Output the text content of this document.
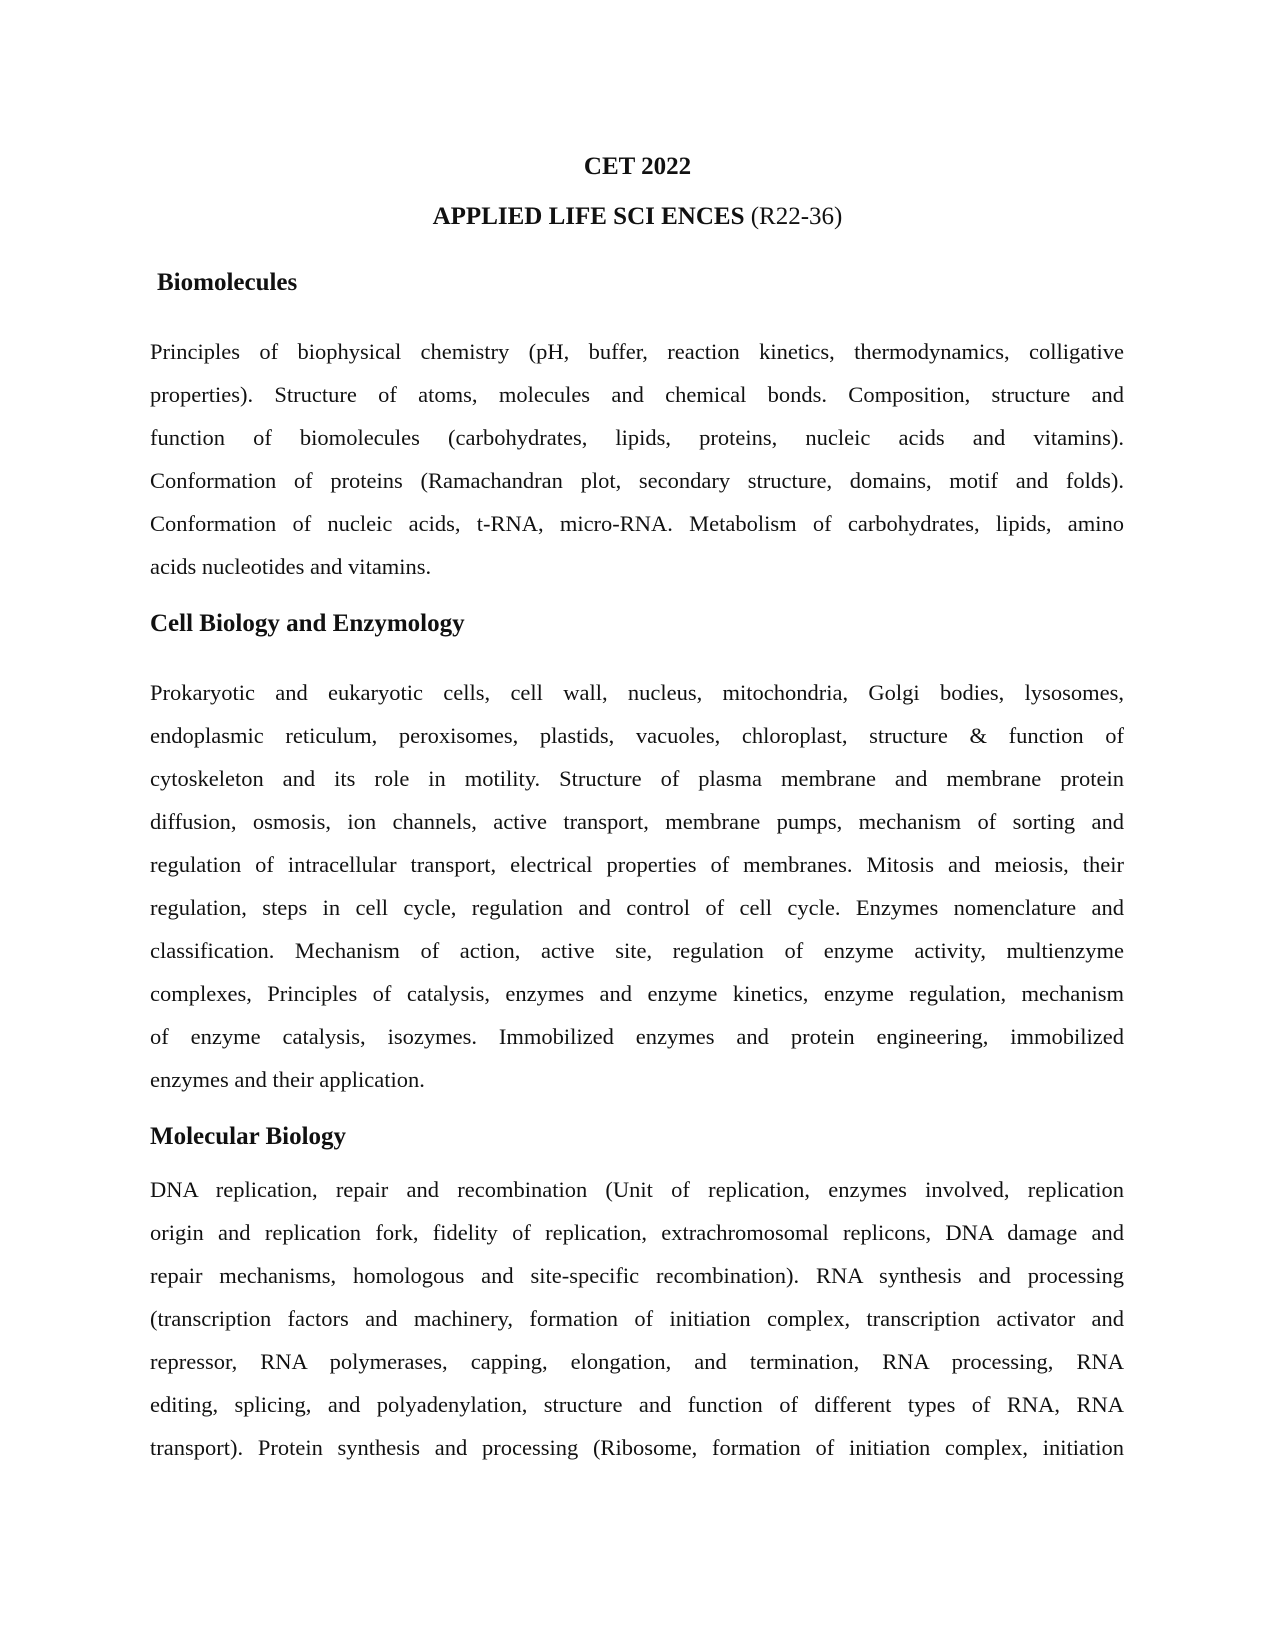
CET 2022
APPLIED LIFE SCI ENCES (R22-36)
Biomolecules
Principles of biophysical chemistry (pH, buffer, reaction kinetics, thermodynamics, colligative
properties). Structure of atoms, molecules and chemical bonds. Composition, structure and
function of biomolecules (carbohydrates, lipids, proteins, nucleic acids and vitamins).
Conformation of proteins (Ramachandran plot, secondary structure, domains, motif and folds).
Conformation of nucleic acids, t-RNA, micro-RNA. Metabolism of carbohydrates, lipids, amino
acids nucleotides and vitamins.
Cell Biology and Enzymology
Prokaryotic and eukaryotic cells, cell wall, nucleus, mitochondria, Golgi bodies, lysosomes,
endoplasmic reticulum, peroxisomes, plastids, vacuoles, chloroplast, structure & function of
cytoskeleton and its role in motility. Structure of plasma membrane and membrane protein
diffusion, osmosis, ion channels, active transport, membrane pumps, mechanism of sorting and
regulation of intracellular transport, electrical properties of membranes. Mitosis and meiosis, their
regulation, steps in cell cycle, regulation and control of cell cycle. Enzymes nomenclature and
classification. Mechanism of action, active site, regulation of enzyme activity, multienzyme
complexes, Principles of catalysis, enzymes and enzyme kinetics, enzyme regulation, mechanism
of enzyme catalysis, isozymes. Immobilized enzymes and protein engineering, immobilized
enzymes and their application.
Molecular Biology
DNA replication, repair and recombination (Unit of replication, enzymes involved, replication
origin and replication fork, fidelity of replication, extrachromosomal replicons, DNA damage and
repair mechanisms, homologous and site-specific recombination). RNA synthesis and processing
(transcription factors and machinery, formation of initiation complex, transcription activator and
repressor, RNA polymerases, capping, elongation, and termination, RNA processing, RNA
editing, splicing, and polyadenylation, structure and function of different types of RNA, RNA
transport). Protein synthesis and processing (Ribosome, formation of initiation complex, initiation
